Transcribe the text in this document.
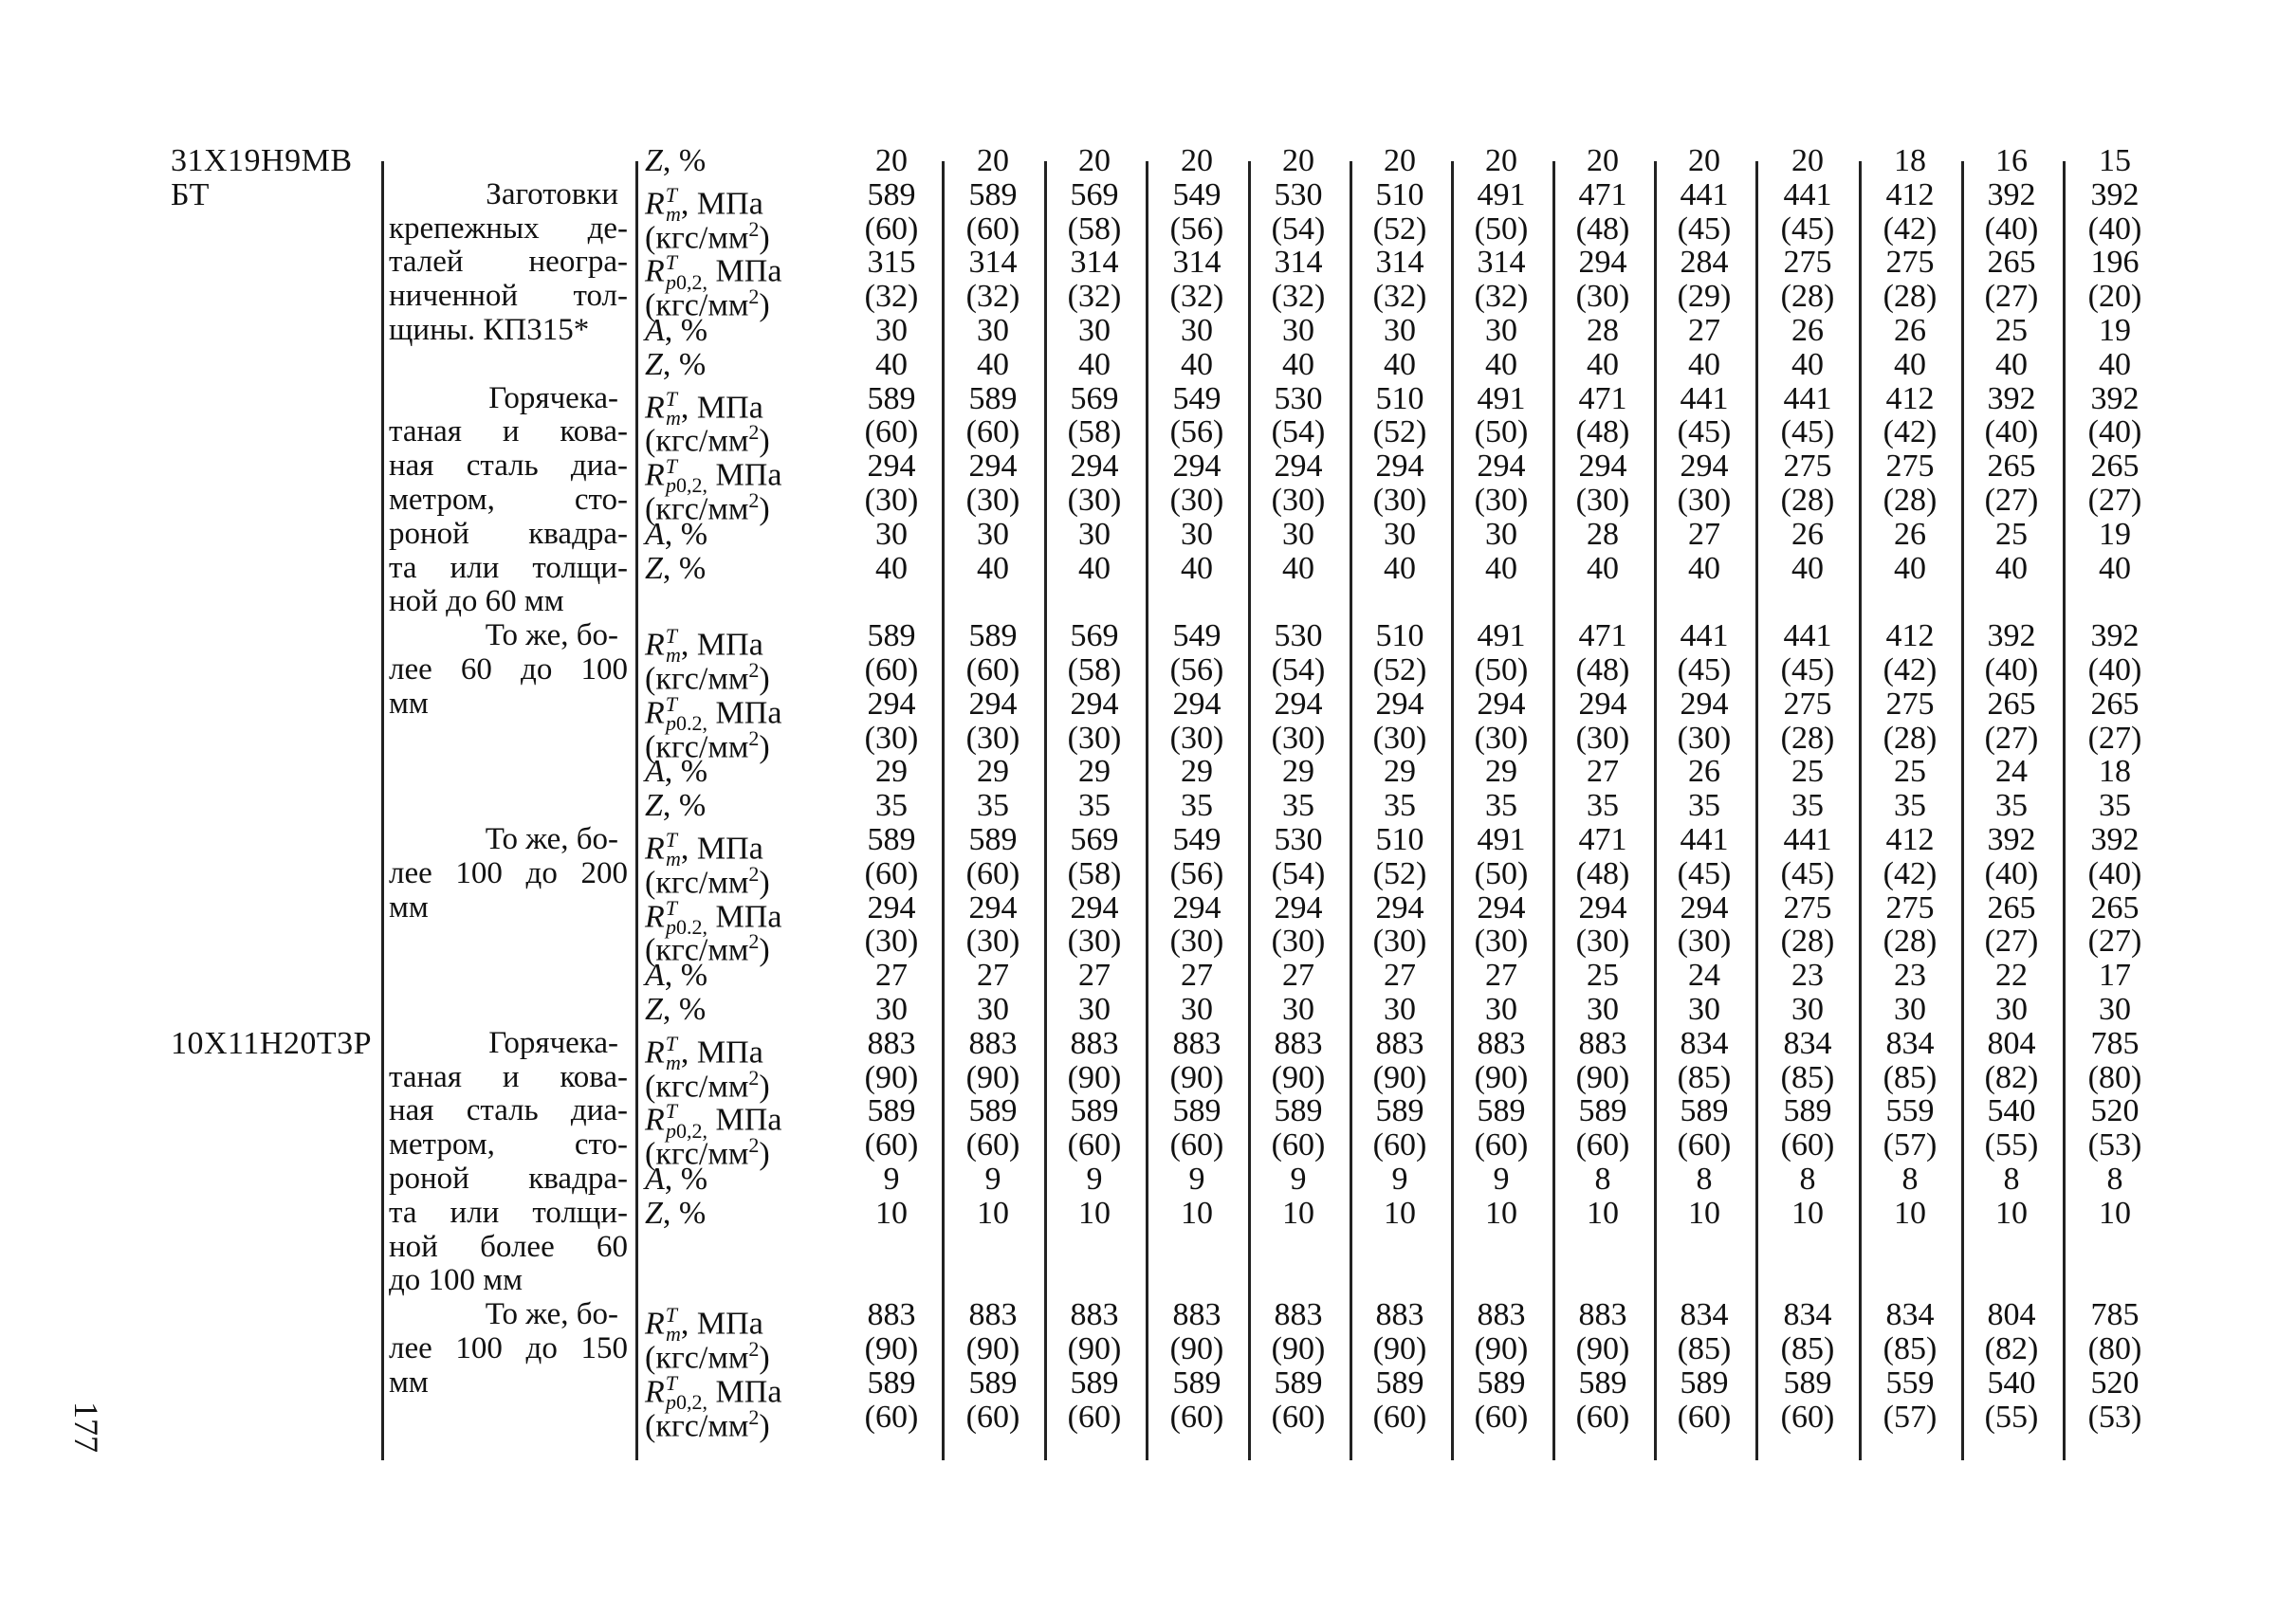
31Х19Н9МВ
БТ
Z, %	20	20	20	20	20	20	20	20	20	20	18	16	15
Заготовки
крепежных де-
талей неогра-
ниченной тол-
щины. КП315*
$R^T_m$, МПа	589	589	569	549	530	510	491	471	441	441	412	392	392
$(кгс/мм^2)$	(60)	(60)	(58)	(56)	(54)	(52)	(50)	(48)	(45)	(45)	(42)	(40)	(40)
$R^T_{p0,2,}$ МПа	315	314	314	314	314	314	314	294	284	275	275	265	196
$(кгс/мм^2)$	(32)	(32)	(32)	(32)	(32)	(32)	(32)	(30)	(29)	(28)	(28)	(27)	(20)
A, %	30	30	30	30	30	30	30	28	27	26	26	25	19
Z, %	40	40	40	40	40	40	40	40	40	40	40	40	40
Горячека-
таная и кова-
ная сталь диа-
метром, сто-
роной квадра-
та или толщи-
ной до 60 мм
$R^T_m$, МПа	589	589	569	549	530	510	491	471	441	441	412	392	392
$(кгс/мм^2)$	(60)	(60)	(58)	(56)	(54)	(52)	(50)	(48)	(45)	(45)	(42)	(40)	(40)
$R^T_{p0,2,}$ МПа	294	294	294	294	294	294	294	294	294	275	275	265	265
$(кгс/мм^2)$	(30)	(30)	(30)	(30)	(30)	(30)	(30)	(30)	(30)	(28)	(28)	(27)	(27)
A, %	30	30	30	30	30	30	30	28	27	26	26	25	19
Z, %	40	40	40	40	40	40	40	40	40	40	40	40	40
То же, бо-
лее 60 до 100
мм
$R^T_m$, МПа	589	589	569	549	530	510	491	471	441	441	412	392	392
$(кгс/мм^2)$	(60)	(60)	(58)	(56)	(54)	(52)	(50)	(48)	(45)	(45)	(42)	(40)	(40)
$R^T_{p0.2,}$ МПа	294	294	294	294	294	294	294	294	294	275	275	265	265
$(кгс/мм^2)$	(30)	(30)	(30)	(30)	(30)	(30)	(30)	(30)	(30)	(28)	(28)	(27)	(27)
A, %	29	29	29	29	29	29	29	27	26	25	25	24	18
Z, %	35	35	35	35	35	35	35	35	35	35	35	35	35
То же, бо-
лее 100 до 200
мм
$R^T_m$, МПа	589	589	569	549	530	510	491	471	441	441	412	392	392
$(кгс/мм^2)$	(60)	(60)	(58)	(56)	(54)	(52)	(50)	(48)	(45)	(45)	(42)	(40)	(40)
$R^T_{p0.2,}$ МПа	294	294	294	294	294	294	294	294	294	275	275	265	265
$(кгс/мм^2)$	(30)	(30)	(30)	(30)	(30)	(30)	(30)	(30)	(30)	(28)	(28)	(27)	(27)
A, %	27	27	27	27	27	27	27	25	24	23	23	22	17
Z, %	30	30	30	30	30	30	30	30	30	30	30	30	30
10Х11Н20Т3Р	Горячека-
таная и кова-
ная сталь диа-
метром, сто-
роной квадра-
та или толщи-
ной более 60
до 100 мм
$R^T_m$, МПа	883	883	883	883	883	883	883	883	834	834	834	804	785
$(кгс/мм^2)$	(90)	(90)	(90)	(90)	(90)	(90)	(90)	(90)	(85)	(85)	(85)	(82)	(80)
$R^T_{p0,2,}$ МПа	589	589	589	589	589	589	589	589	589	589	559	540	520
$(кгс/мм^2)$	(60)	(60)	(60)	(60)	(60)	(60)	(60)	(60)	(60)	(60)	(57)	(55)	(53)
A, %	9	9	9	9	9	9	9	8	8	8	8	8	8
Z, %	10	10	10	10	10	10	10	10	10	10	10	10	10
То же, бо-
лее 100 до 150
мм
$R^T_m$, МПа	883	883	883	883	883	883	883	883	834	834	834	804	785
$(кгс/мм^2)$	(90)	(90)	(90)	(90)	(90)	(90)	(90)	(90)	(85)	(85)	(85)	(82)	(80)
$R^T_{p0,2,}$ МПа	589	589	589	589	589	589	589	589	589	589	559	540	520
$(кгс/мм^2)$	(60)	(60)	(60)	(60)	(60)	(60)	(60)	(60)	(60)	(60)	(57)	(55)	(53)
177
